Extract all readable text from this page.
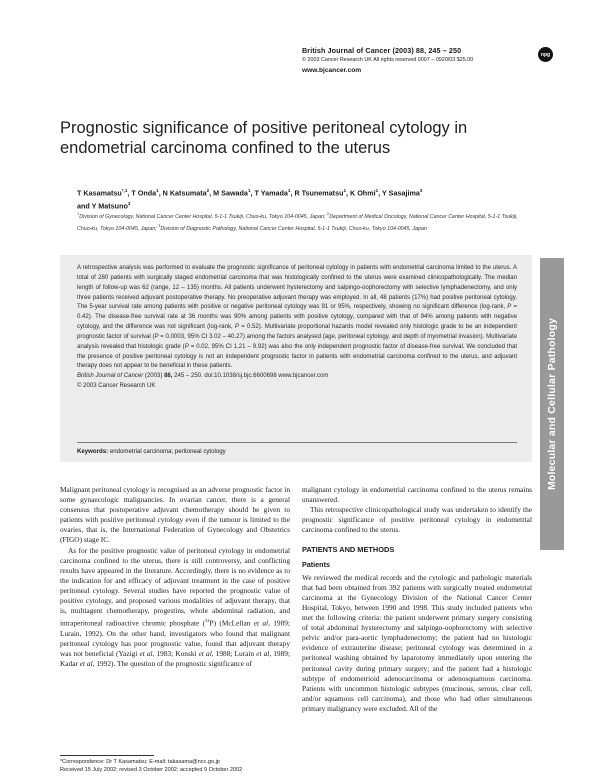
British Journal of Cancer (2003) 88, 245 – 250
© 2003 Cancer Research UK All rights reserved 0007 – 0920/03 $25.00
www.bjcancer.com
npg
Prognostic significance of positive peritoneal cytology in endometrial carcinoma confined to the uterus
T Kasamatsu$^{*,1}$, T Onda$^1$, N Katsumata$^2$, M Sawada$^1$, T Yamada$^1$, R Tsunematsu$^1$, K Ohmi$^1$, Y Sasajima$^3$
and Y Matsuno$^3$
$^1$Division of Gynecology, National Cancer Center Hospital, 5-1-1 Tsukiji, Chuo-ku, Tokyo 104-0045, Japan; $^2$Department of Medical Oncology, National Cancer Center Hospital, 5-1-1 Tsukiji, Chuo-ku, Tokyo 104-0045, Japan; $^3$Division of Diagnostic Pathology, National Cancer Center Hospital, 5-1-1 Tsukiji, Chuo-ku, Tokyo 104-0045, Japan
A retrospective analysis was performed to evaluate the prognostic significance of peritoneal cytology in patients with endometrial carcinoma limited to the uterus. A total of 280 patients with surgically staged endometrial carcinoma that was histologically confined to the uterus were examined clinicopathologically. The median length of follow-up was 62 (range, 12 – 135) months. All patients underwent hysterectomy and salpingo-oophorectomy with selective lymphadenectomy, and only three patients received adjuvant postoperative therapy. No preoperative adjuvant therapy was employed. In all, 48 patients (17%) had positive peritoneal cytology. The 5-year survival rate among patients with positive or negative peritoneal cytology was 91 or 95%, respectively, showing no significant difference (log-rank, P = 0.42). The disease-free survival rate at 36 months was 90% among patients with positive cytology, compared with that of 94% among patients with negative cytology, and the difference was not significant (log-rank, P = 0.52). Multivariate proportional hazards model revealed only histologic grade to be an independent prognostic factor of survival (P = 0.0003, 95% CI 3.02 – 40.27) among the factors analysed (age, peritoneal cytology, and depth of myometrial invasion). Multivariate analysis revealed that histologic grade (P = 0.02, 95% CI 1.21 – 9.92) was also the only independent prognostic factor of disease-free survival. We concluded that the presence of positive peritoneal cytology is not an independent prognostic factor in patients with endometrial carcinoma confined to the uterus, and adjuvant therapy does not appear to be beneficial in these patients.
British Journal of Cancer (2003) 88, 245 – 250. doi:10.1038/sj.bjc.6600698 www.bjcancer.com
© 2003 Cancer Research UK
Keywords: endometrial carcinoma; peritoneal cytology	Molecular and Cellular Pathology

Malignant peritoneal cytology is recognised as an adverse prognostic factor in some gynaecologic malignancies. In ovarian cancer, there is a general consensus that postoperative adjuvant chemotherapy should be given to patients with positive peritoneal cytology even if the tumour is limited to the ovaries, that is, the International Federation of Gynecology and Obstetrics (FIGO) stage IC.

As for the positive prognostic value of peritoneal cytology in endometrial carcinoma confined to the uterus, there is still controversy, and conflicting results have appeared in the literature. Accordingly, there is no evidence as to the indication for and efficacy of adjuvant treatment in the case of positive peritoneal cytology. Several studies have reported the prognostic value of positive cytology, and proposed various modalities of adjuvant therapy, that is, multiagent chemotherapy, progestins, whole abdominal radiation, and intraperitoneal radioactive chromic phosphate ($^{32}$P) (McLellan et al, 1989; Lurain, 1992). On the other hand, investigators who found that malignant peritoneal cytology has poor prognostic value, found that adjuvant therapy was not beneficial (Yazigi et al, 1983; Konski et al, 1988; Lurain et al, 1989; Kadar et al, 1992). The question of the prognostic significance of

malignant cytology in endometrial carcinoma confined to the uterus remains unanswered.

This retrospective clinicopathological study was undertaken to identify the prognostic significance of positive peritoneal cytology in endometrial carcinoma confined to the uterus.

PATIENTS AND METHODS
Patients

We reviewed the medical records and the cytologic and pathologic materials that had been obtained from 392 patients with surgically treated endometrial carcinoma at the Gynecology Division of the National Cancer Center Hospital, Tokyo, between 1990 and 1998. This study included patients who met the following criteria: the patient underwent primary surgery consisting of total abdominal hysterectomy and salpingo-oophorectomy with selective pelvic and/or para-aortic lymphadenectomy; the patient had no histologic evidence of extrauterine disease; peritoneal cytology was determined in a peritoneal washing obtained by laparotomy immediately upon entering the peritoneal cavity during primary surgery; and the patient had a histologic subtype of endometrioid adenocarcinoma or adenosquamous carcinoma. Patients with uncommon histologic subtypes (mucinous, serous, clear cell, and/or squamous cell carcinoma), and those who had other simultaneous primary malignancy were excluded. All of the

*Correspondence: Dr T Kasamatsu; E-mail: takasama@ncc.go.jp
Received 15 July 2002; revised 3 October 2002; accepted 9 October 2002
